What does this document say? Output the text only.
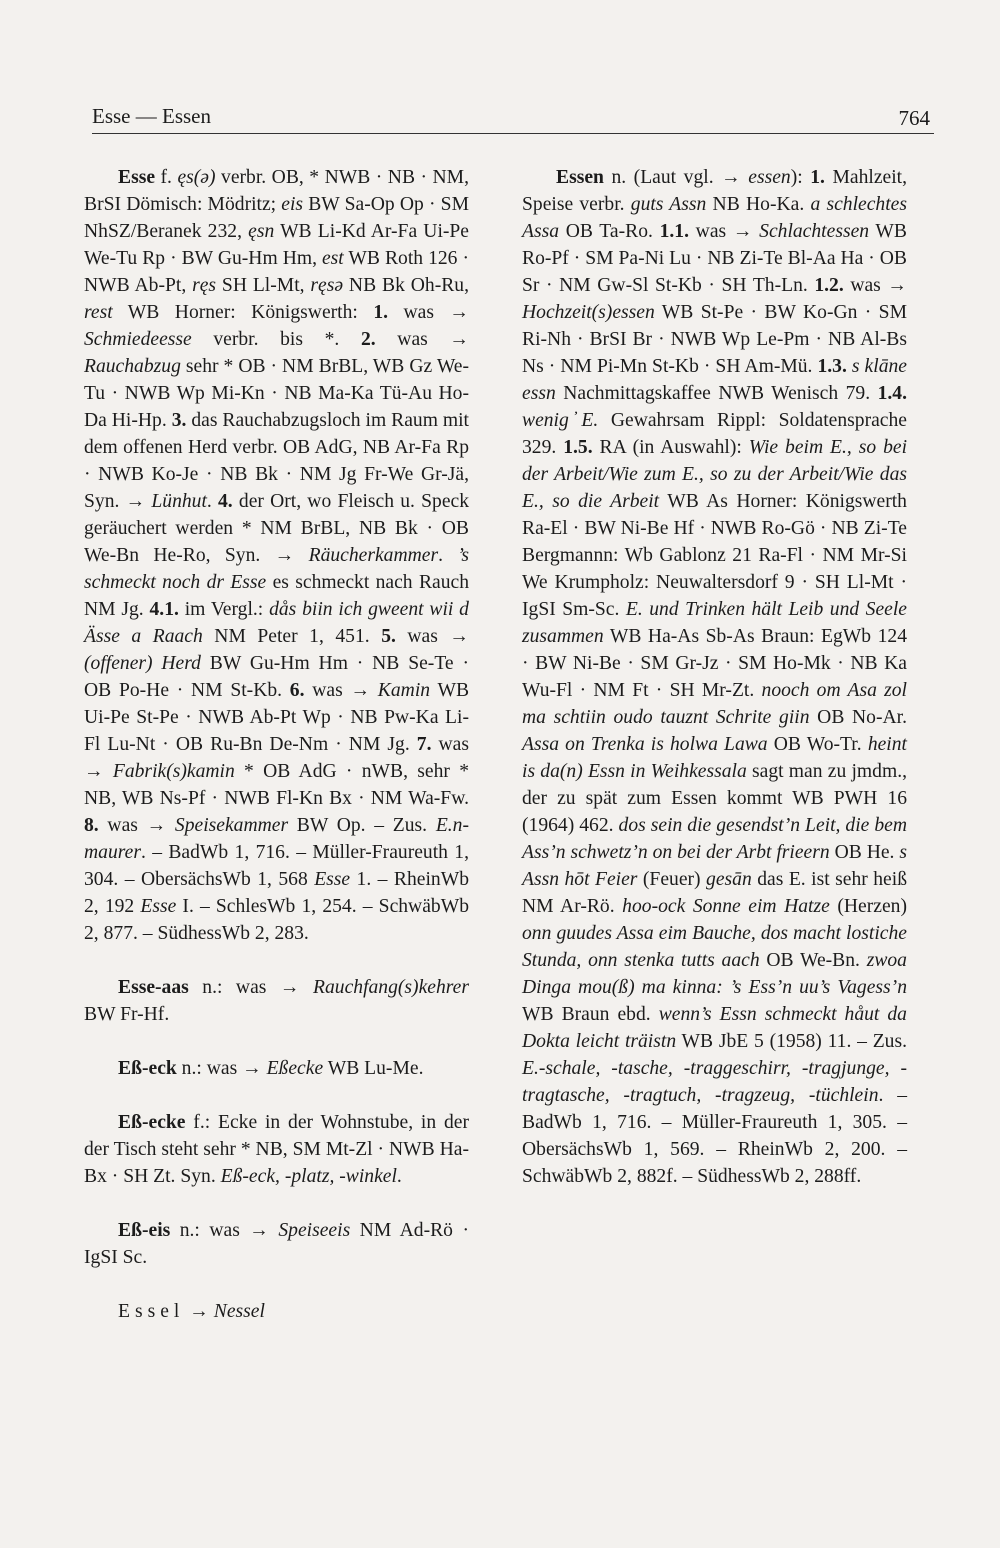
Esse — Essen	764

Esse f. ęs(ə) verbr. OB, * NWB · NB · NM, BrSI Dömisch: Mödritz; eis BW Sa-Op Op · SM NhSZ/Beranek 232, ęsn WB Li-Kd Ar-Fa Ui-Pe We-Tu Rp · BW Gu-Hm Hm, est WB Roth 126 · NWB Ab-Pt, ręs SH Ll-Mt, ręsə NB Bk Oh-Ru, rest WB Horner: Königswerth: 1. was → Schmiedeesse verbr. bis *. 2. was → Rauchabzug sehr * OB · NM BrBL, WB Gz We-Tu · NWB Wp Mi-Kn · NB Ma-Ka Tü-Au Ho-Da Hi-Hp. 3. das Rauchabzugsloch im Raum mit dem offenen Herd verbr. OB AdG, NB Ar-Fa Rp · NWB Ko-Je · NB Bk · NM Jg Fr-We Gr-Jä, Syn. → Lünhut. 4. der Ort, wo Fleisch u. Speck geräuchert werden * NM BrBL, NB Bk · OB We-Bn He-Ro, Syn. → Räucherkammer. ’s schmeckt noch dr Esse es schmeckt nach Rauch NM Jg. 4.1. im Vergl.: dås biin ich gweent wii d Ässe a Raach NM Peter 1, 451. 5. was → (offener) Herd BW Gu-Hm Hm · NB Se-Te · OB Po-He · NM St-Kb. 6. was → Kamin WB Ui-Pe St-Pe · NWB Ab-Pt Wp · NB Pw-Ka Li-Fl Lu-Nt · OB Ru-Bn De-Nm · NM Jg. 7. was → Fabrik(s)kamin * OB AdG · nWB, sehr * NB, WB Ns-Pf · NWB Fl-Kn Bx · NM Wa-Fw. 8. was → Speisekammer BW Op. – Zus. E.n-maurer. – BadWb 1, 716. – Müller-Fraureuth 1, 304. – ObersächsWb 1, 568 Esse 1. – RheinWb 2, 192 Esse I. – SchlesWb 1, 254. – SchwäbWb 2, 877. – SüdhessWb 2, 283.

Esse-aas n.: was → Rauchfang(s)kehrer BW Fr-Hf.

Eß-eck n.: was → Eßecke WB Lu-Me.

Eß-ecke f.: Ecke in der Wohnstube, in der der Tisch steht sehr * NB, SM Mt-Zl · NWB Ha-Bx · SH Zt. Syn. Eß-eck, -platz, -winkel.

Eß-eis n.: was → Speiseeis NM Ad-Rö · IgSI Sc.

Essel → Nessel

Essen n. (Laut vgl. → essen): 1. Mahlzeit, Speise verbr. guts Assn NB Ho-Ka. a schlechtes Assa OB Ta-Ro. 1.1. was → Schlachtessen WB Ro-Pf · SM Pa-Ni Lu · NB Zi-Te Bl-Aa Ha · OB Sr · NM Gw-Sl St-Kb · SH Th-Ln. 1.2. was → Hochzeit(s)essen WB St-Pe · BW Ko-Gn · SM Ri-Nh · BrSI Br · NWB Wp Le-Pm · NB Al-Bs Ns · NM Pi-Mn St-Kb · SH Am-Mü. 1.3. s klāne essn Nachmittagskaffee NWB Wenisch 79. 1.4. wenig ̓E. Gewahrsam Rippl: Soldatensprache 329. 1.5. RA (in Auswahl): Wie beim E., so bei der Arbeit/Wie zum E., so zu der Arbeit/Wie das E., so die Arbeit WB As Horner: Königswerth Ra-El · BW Ni-Be Hf · NWB Ro-Gö · NB Zi-Te Bergmannn: Wb Gablonz 21 Ra-Fl · NM Mr-Si We Krumpholz: Neuwaltersdorf 9 · SH Ll-Mt · IgSI Sm-Sc. E. und Trinken hält Leib und Seele zusammen WB Ha-As Sb-As Braun: EgWb 124 · BW Ni-Be · SM Gr-Jz · SM Ho-Mk · NB Ka Wu-Fl · NM Ft · SH Mr-Zt. nooch om Asa zol ma schtiin oudo tauznt Schrite giin OB No-Ar. Assa on Trenka is holwa Lawa OB Wo-Tr. heint is da(n) Essn in Weihkessala sagt man zu jmdm., der zu spät zum Essen kommt WB PWH 16 (1964) 462. dos sein die gesendst’n Leit, die bem Ass’n schwetz’n on bei der Arbt frieern OB He. s Assn hōt Feier (Feuer) gesān das E. ist sehr heiß NM Ar-Rö. hoo-ock Sonne eim Hatze (Herzen) onn guudes Assa eim Bauche, dos macht lostiche Stunda, onn stenka tutts aach OB We-Bn. zwoa Dinga mou(ß) ma kinna: ’s Ess’n uu’s Vagess’n WB Braun ebd. wenn’s Essn schmeckt håut da Dokta leicht träistn WB JbE 5 (1958) 11. – Zus. E.-schale, -tasche, -traggeschirr, -tragjunge, -tragtasche, -tragtuch, -tragzeug, -tüchlein. – BadWb 1, 716. – Müller-Fraureuth 1, 305. – ObersächsWb 1, 569. – RheinWb 2, 200. – SchwäbWb 2, 882f. – SüdhessWb 2, 288ff.
